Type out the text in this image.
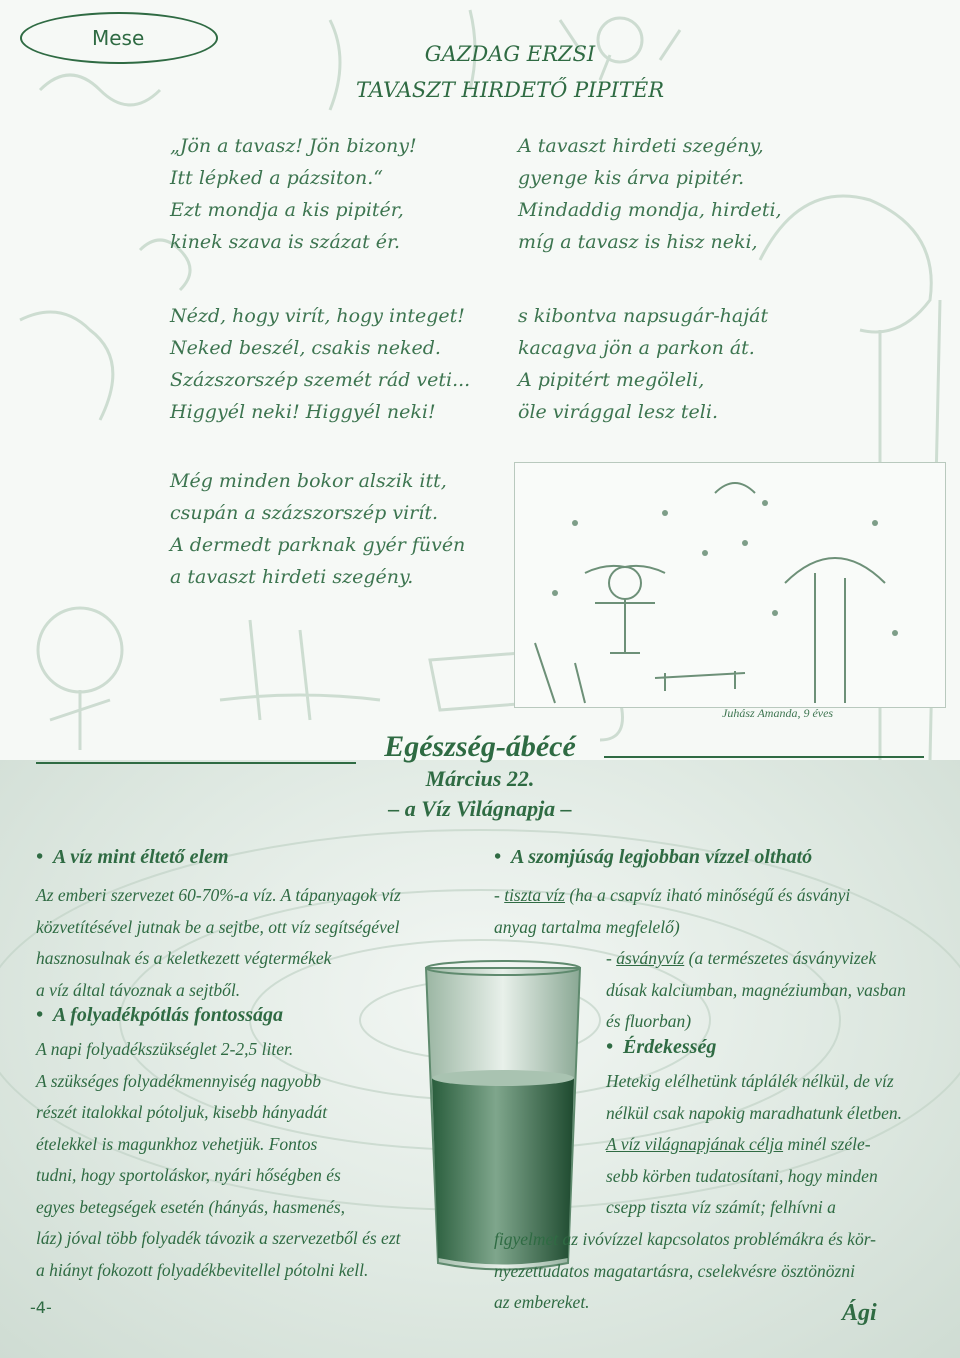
Mese
GAZDAG ERZSI
TAVASZT HIRDETŐ PIPITÉR
„Jön a tavasz! Jön bizony!
Itt lépked a pázsiton.“
Ezt mondja a kis pipitér,
kinek szava is százat ér.
Nézd, hogy virít, hogy integet!
Neked beszél, csakis neked.
Százszorszép szemét rád veti...
Higgyél neki! Higgyél neki!
Még minden bokor alszik itt,
csupán a százszorszép virít.
A dermedt parknak gyér füvén
a tavaszt hirdeti szegény.
A tavaszt hirdeti szegény,
gyenge kis árva pipitér.
Mindaddig mondja, hirdeti,
míg a tavasz is hisz neki,
s kibontva napsugár-haját
kacagva jön a parkon át.
A pipitért megöleli,
öle virággal lesz teli.
Juhász Amanda, 9 éves
Egészség-ábécé
Március 22.
– a Víz Világnapja –
• A víz mint éltető elem
Az emberi szervezet 60-70%-a víz. A tápanyagok víz
közvetítésével jutnak be a sejtbe, ott víz segítségével
hasznosulnak és a keletkezett végtermékek
a víz által távoznak a sejtből.
• A folyadékpótlás fontossága
A napi folyadékszükséglet 2-2,5 liter.
A szükséges folyadékmennyiség nagyobb
részét italokkal pótoljuk, kisebb hányadát
ételekkel is magunkhoz vehetjük. Fontos
tudni, hogy sportoláskor, nyári hőségben és
egyes betegségek esetén (hányás, hasmenés,
láz) jóval több folyadék távozik a szervezetből és ezt
a hiányt fokozott folyadékbevitellel pótolni kell.
• A szomjúság legjobban vízzel oltható
- tiszta víz (ha a csapvíz iható minőségű és ásványi
anyag tartalma megfelelő)
- ásványvíz (a természetes ásványvizek
dúsak kalciumban, magnéziumban, vasban
és fluorban)
• Érdekesség
Hetekig elélhetünk táplálék nélkül, de víz
nélkül csak napokig maradhatunk életben.
A víz világnapjának célja minél széle-
sebb körben tudatosítani, hogy minden
csepp tiszta víz számít; felhívni a
figyelmet az ivóvízzel kapcsolatos problémákra és kör-
nyezettudatos magatartásra, cselekvésre ösztönözni
az embereket.	Ági
-4-
